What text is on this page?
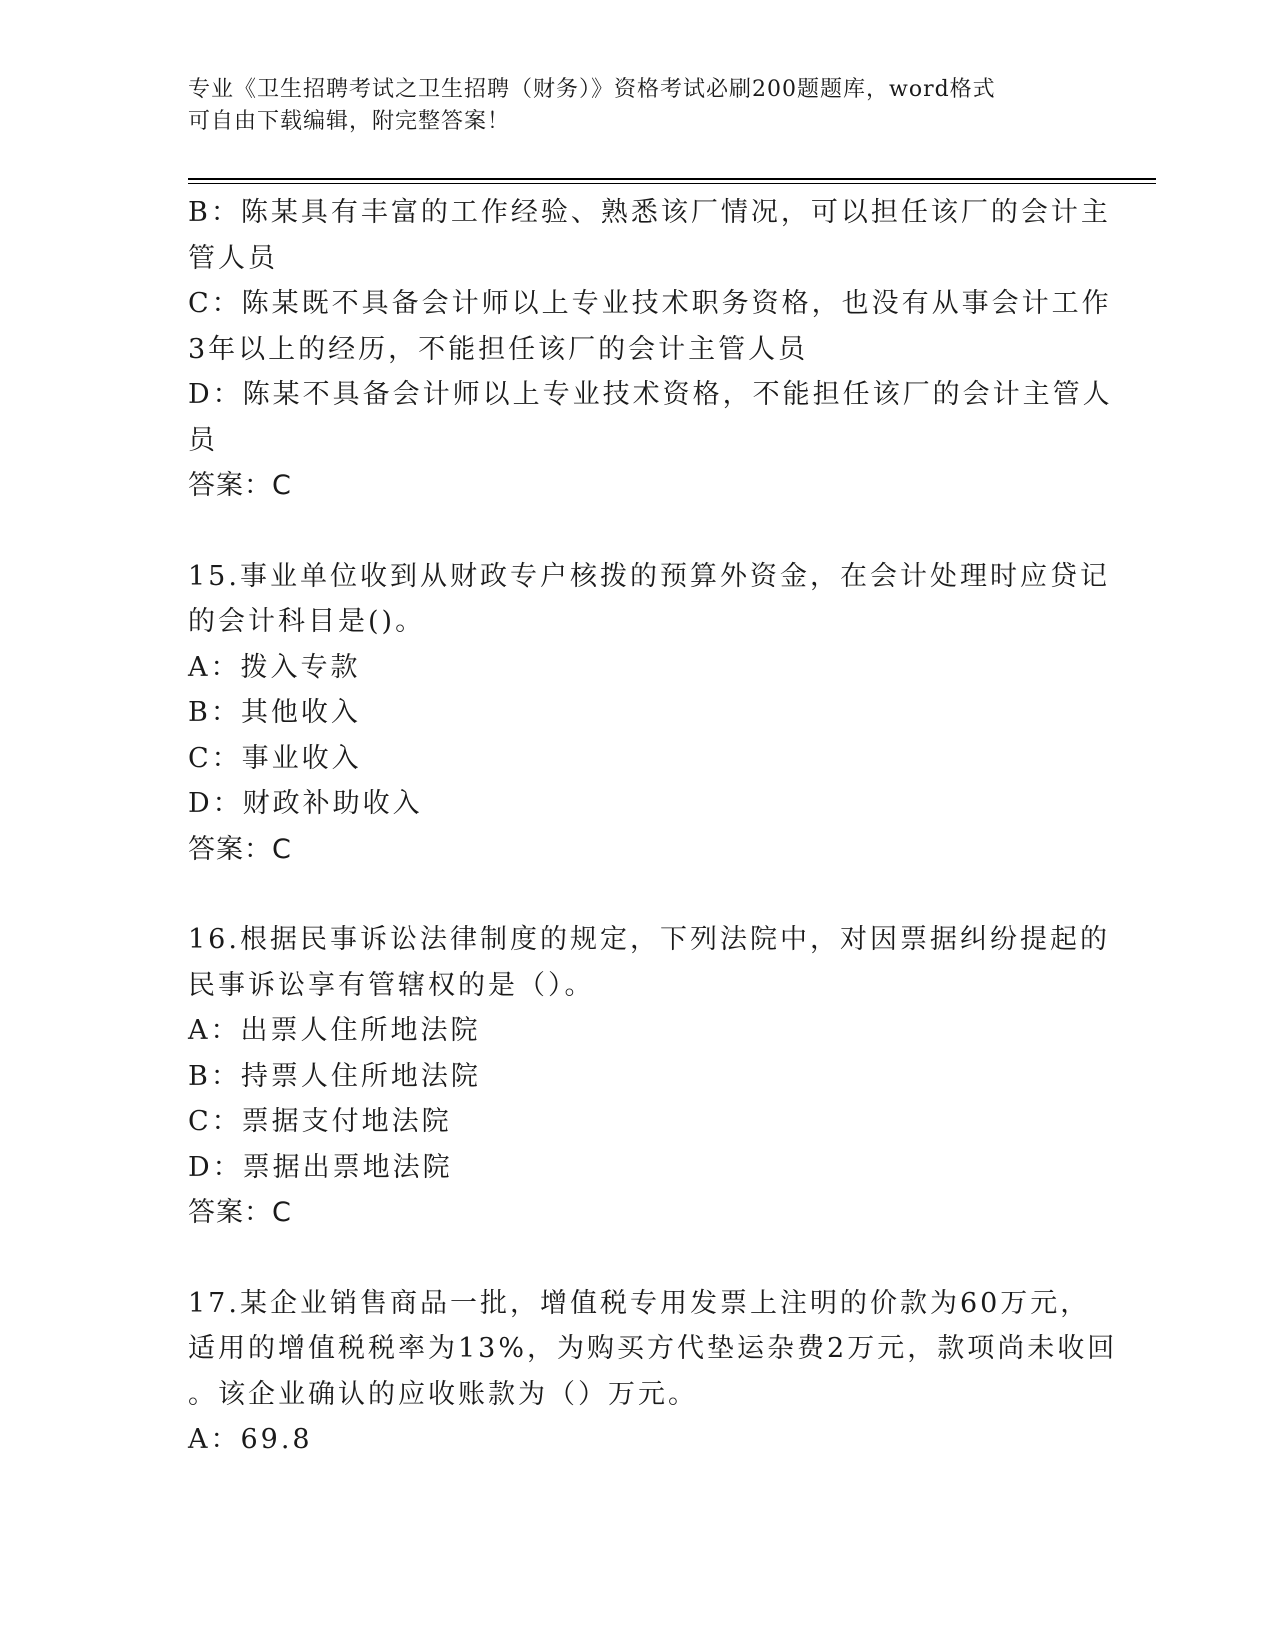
专业《卫生招聘考试之卫生招聘（财务）》资格考试必刷200题题库，word格式
可自由下载编辑，附完整答案！
B：陈某具有丰富的工作经验、熟悉该厂情况，可以担任该厂的会计主
管人员
C：陈某既不具备会计师以上专业技术职务资格，也没有从事会计工作
3年以上的经历，不能担任该厂的会计主管人员
D：陈某不具备会计师以上专业技术资格，不能担任该厂的会计主管人
员
答案：C
15.事业单位收到从财政专户核拨的预算外资金，在会计处理时应贷记
的会计科目是()。
A：拨入专款
B：其他收入
C：事业收入
D：财政补助收入
答案：C
16.根据民事诉讼法律制度的规定，下列法院中，对因票据纠纷提起的
民事诉讼享有管辖权的是（）。
A：出票人住所地法院
B：持票人住所地法院
C：票据支付地法院
D：票据出票地法院
答案：C
17.某企业销售商品一批，增值税专用发票上注明的价款为60万元，
适用的增值税税率为13%，为购买方代垫运杂费2万元，款项尚未收回
。该企业确认的应收账款为（）万元。
A：69.8
